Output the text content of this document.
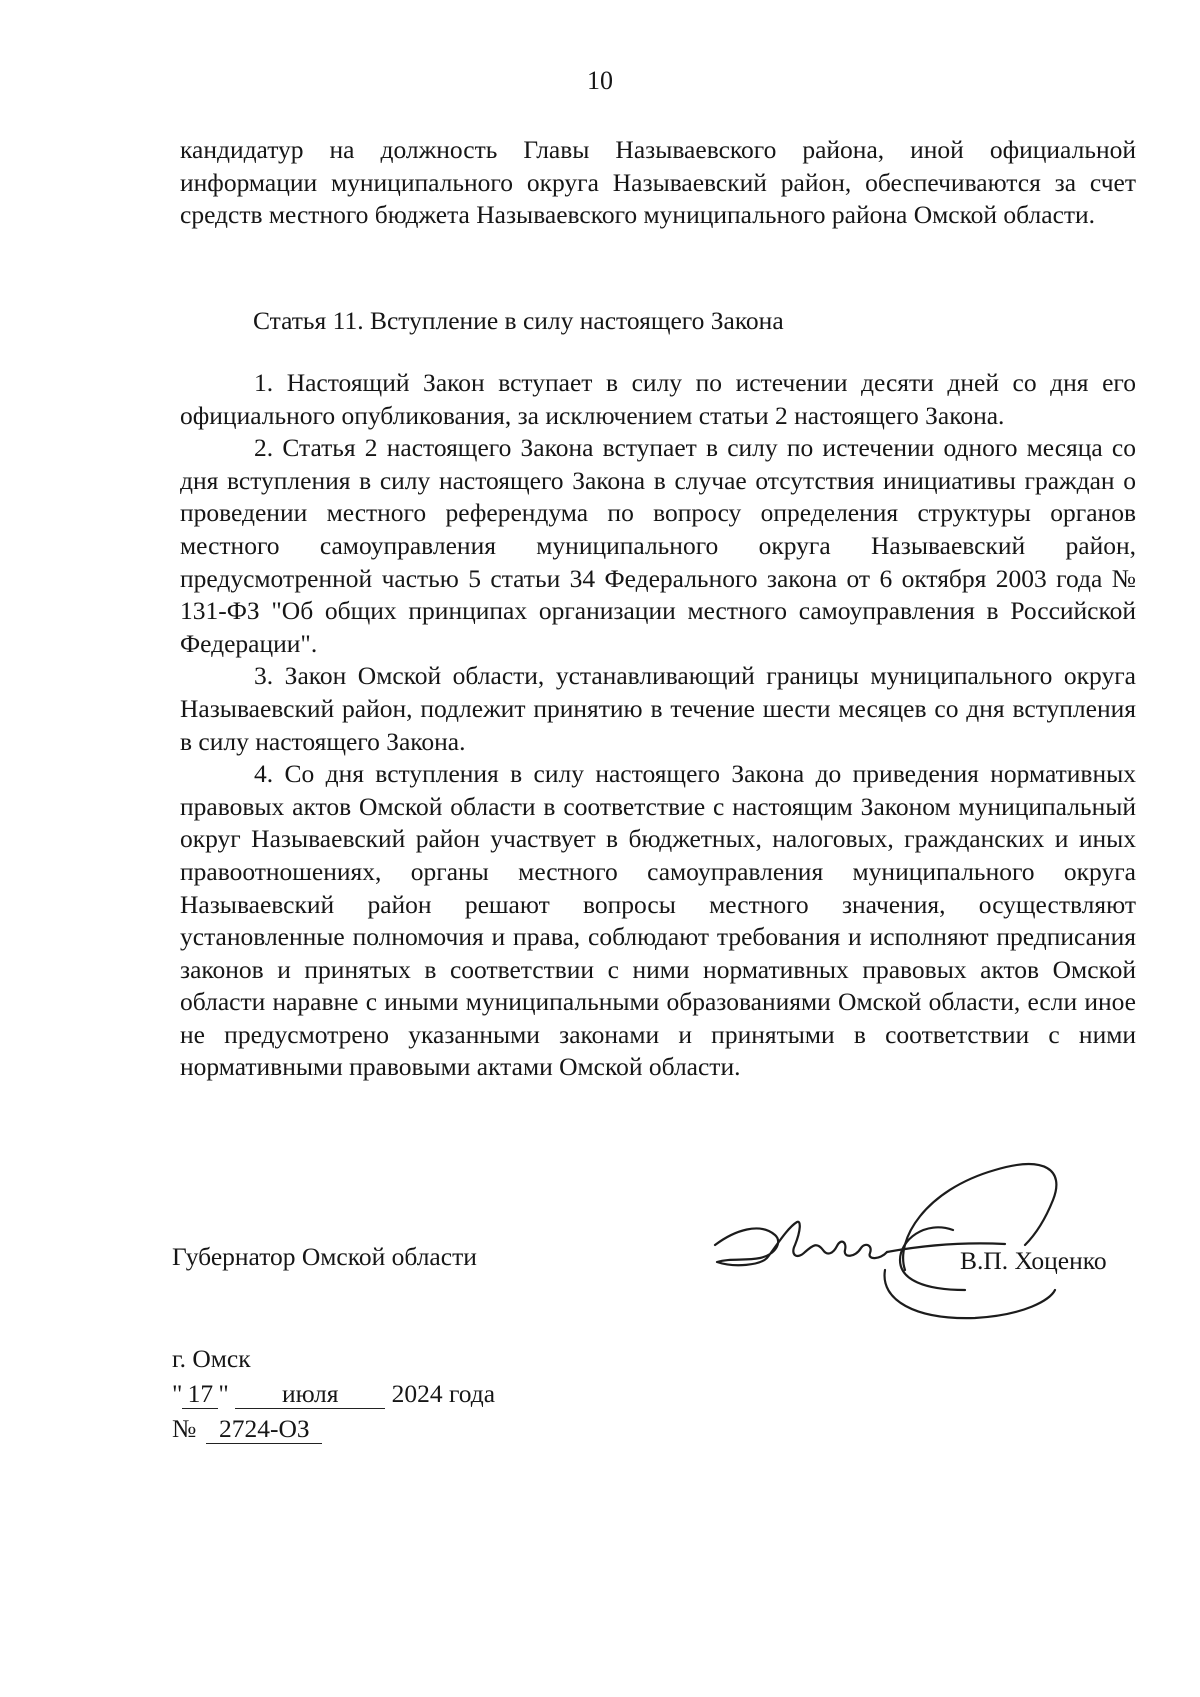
10

кандидатур на должность Главы Называевского района, иной официальной информации муниципального округа Называевский район, обеспечиваются за счет средств местного бюджета Называевского муниципального района Омской области.

Статья 11. Вступление в силу настоящего Закона

1. Настоящий Закон вступает в силу по истечении десяти дней со дня его официального опубликования, за исключением статьи 2 настоящего Закона.

2. Статья 2 настоящего Закона вступает в силу по истечении одного месяца со дня вступления в силу настоящего Закона в случае отсутствия инициативы граждан о проведении местного референдума по вопросу определения структуры органов местного самоуправления муниципального округа Называевский район, предусмотренной частью 5 статьи 34 Федерального закона от 6 октября 2003 года № 131-ФЗ "Об общих принципах организации местного самоуправления в Российской Федерации".

3. Закон Омской области, устанавливающий границы муниципального округа Называевский район, подлежит принятию в течение шести месяцев со дня вступления в силу настоящего Закона.

4. Со дня вступления в силу настоящего Закона до приведения нормативных правовых актов Омской области в соответствие с настоящим Законом муниципальный округ Называевский район участвует в бюджетных, налоговых, гражданских и иных правоотношениях, органы местного самоуправления муниципального округа Называевский район решают вопросы местного значения, осуществляют установленные полномочия и права, соблюдают требования и исполняют предписания законов и принятых в соответствии с ними нормативных правовых актов Омской области наравне с иными муниципальными образованиями Омской области, если иное не предусмотрено указанными законами и принятыми в соответствии с ними нормативными правовыми актами Омской области.

Губернатор Омской области	В.П. Хоценко
г. Омск
" 17 " июля 2024 года
№ 2724-ОЗ
